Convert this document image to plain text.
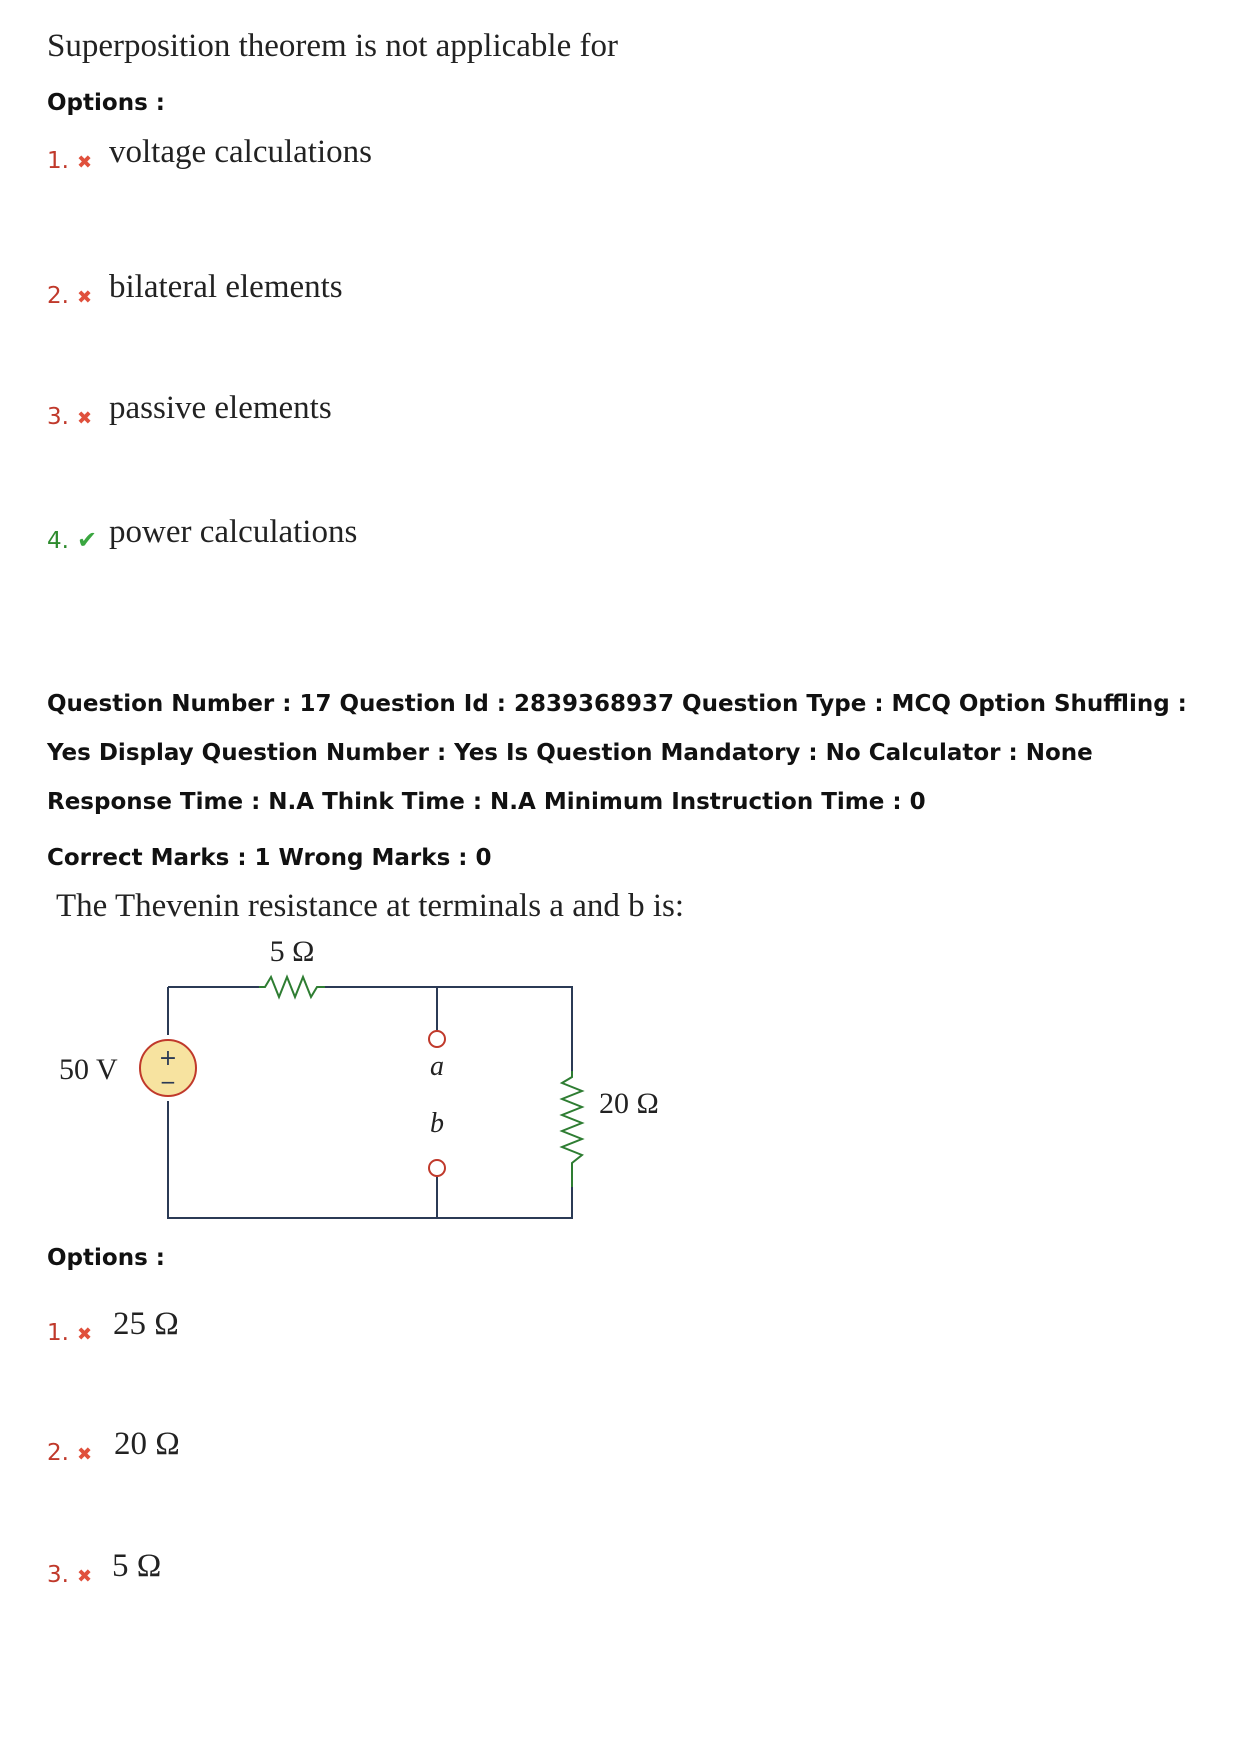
Superposition theorem is not applicable for
Options :
1. ✖ voltage calculations
2. ✖ bilateral elements
3. ✖ passive elements
4. ✔ power calculations
Question Number : 17 Question Id : 2839368937 Question Type : MCQ Option Shuffling : Yes Display Question Number : Yes Is Question Mandatory : No Calculator : None Response Time : N.A Think Time : N.A Minimum Instruction Time : 0
Correct Marks : 1 Wrong Marks : 0
The Thevenin resistance at terminals a and b is:
+
−
5 Ω
20 Ω
50 V	a
b
Options :
1. ✖ 25 Ω
2. ✖ 20 Ω
3. ✖ 5 Ω
